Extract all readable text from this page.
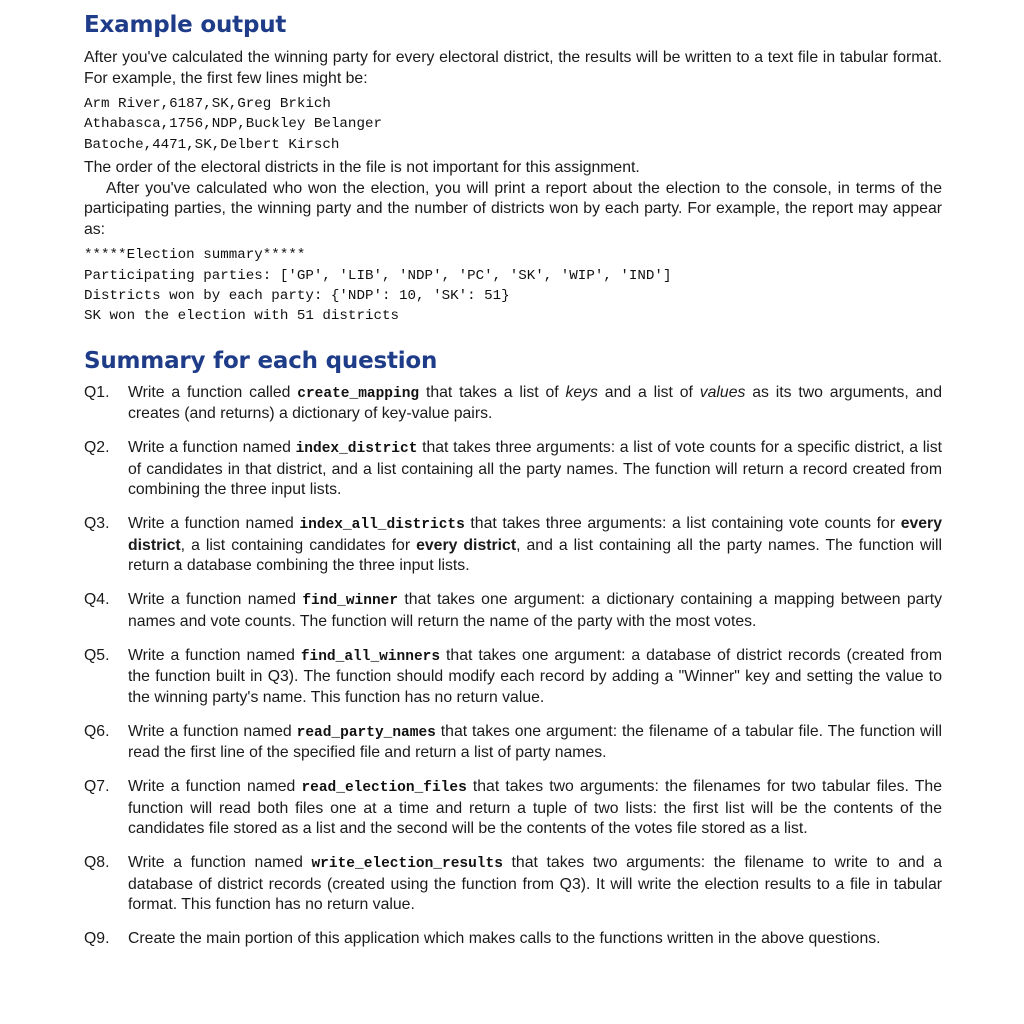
Example output

After you've calculated the winning party for every electoral district, the results will be written to a text file in tabular format. For example, the first few lines might be:

Arm River,6187,SK,Greg Brkich
Athabasca,1756,NDP,Buckley Belanger
Batoche,4471,SK,Delbert Kirsch

The order of the electoral districts in the file is not important for this assignment.

After you've calculated who won the election, you will print a report about the election to the console, in terms of the participating parties, the winning party and the number of districts won by each party. For example, the report may appear as:

*****Election summary*****
Participating parties: ['GP', 'LIB', 'NDP', 'PC', 'SK', 'WIP', 'IND']
Districts won by each party: {'NDP': 10, 'SK': 51}
SK won the election with 51 districts
Summary for each question
Q1.	Write a function called create_mapping that takes a list of keys and a list of values as its two arguments, and creates (and returns) a dictionary of key-value pairs.
Q2.	Write a function named index_district that takes three arguments: a list of vote counts for a specific district, a list of candidates in that district, and a list containing all the party names. The function will return a record created from combining the three input lists.
Q3.	Write a function named index_all_districts that takes three arguments: a list containing vote counts for every district, a list containing candidates for every district, and a list containing all the party names. The function will return a database combining the three input lists.
Q4.	Write a function named find_winner that takes one argument: a dictionary containing a mapping between party names and vote counts. The function will return the name of the party with the most votes.
Q5.	Write a function named find_all_winners that takes one argument: a database of district records (created from the function built in Q3). The function should modify each record by adding a "Winner" key and setting the value to the winning party's name. This function has no return value.
Q6.	Write a function named read_party_names that takes one argument: the filename of a tabular file. The function will read the first line of the specified file and return a list of party names.
Q7.	Write a function named read_election_files that takes two arguments: the filenames for two tabular files. The function will read both files one at a time and return a tuple of two lists: the first list will be the contents of the candidates file stored as a list and the second will be the contents of the votes file stored as a list.
Q8.	Write a function named write_election_results that takes two arguments: the filename to write to and a database of district records (created using the function from Q3). It will write the election results to a file in tabular format. This function has no return value.
Q9.	Create the main portion of this application which makes calls to the functions written in the above questions.
